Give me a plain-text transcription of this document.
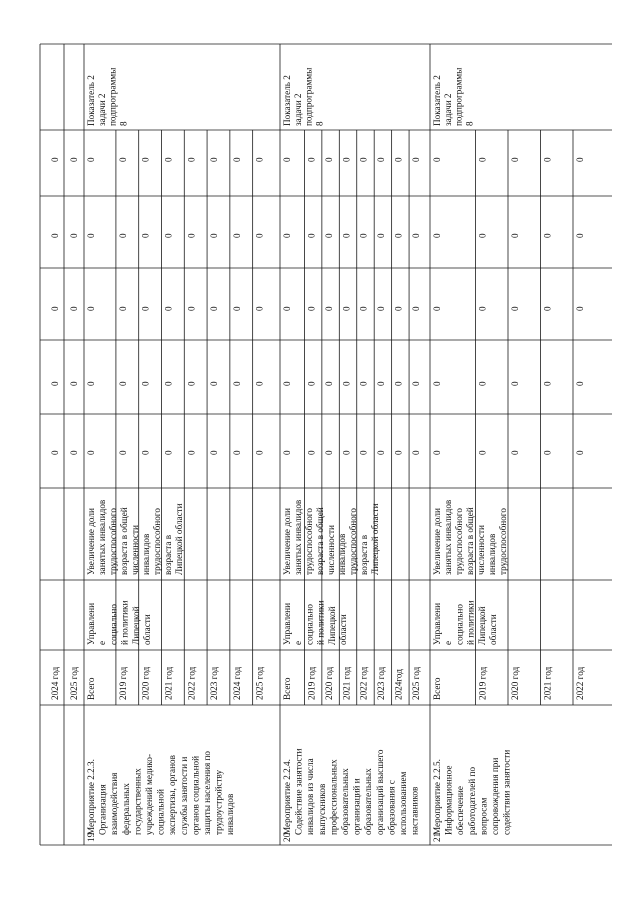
2024 год 2025 год
0 0
0 0
0 0
0 0
0 0
19
Мероприятие 2.2.3. Организация взаимодействия федеральных государственных учреждений медико- социальной экспертизы, органов службы занятости и органов социальной защиты населения по трудоустройству инвалидов
Всего 2019 год 2020 год 2021 год 2022 год 2023 год 2024 год 2025 год
Управлени е социально й политики Липецкой области
Увеличение доли занятых инвалидов трудоспособного возраста в общей численности инвалидов трудоспособного возраста в Липецкой области
0
0
0
0
0
0
0
0
0
0
0
0
0
0
0
0
0
0
0
0
0
0
0
0
0
0
0
0
0
0
0
0
0
0
0
0
0
0
0
0
Показатель 2 задачи 2 подпрограммы 8
20
Мероприятие 2.2.4. Содействие занятости инвалидов из числа выпускников профессиональных образовательных организаций и образовательных организаций высшего образования с использованием наставников
Всего 2019 год 2020 год 2021 год 2022 год 2023 год 2024год 2025 год
Управлени е социально й политики Липецкой области
Увеличение доли занятых инвалидов трудоспособного возраста в общей численности инвалидов трудоспособного возраста в Липецкой области
0
0
0
0
0
0
0
0
0
0
0
0
0
0
0
0
0
0
0
0
0
0
0
0
0
0
0
0
0
0
0
0
0
0
0
0
0
0
0
0
Показатель 2 задачи 2 подпрограммы 8
21
Мероприятие 2.2.5. Информационное обеспечение работодателей по вопросам сопровождения при содействии занятости
Всего	2019 год 2020 год 2021 год 2022 год
Управлени е социально й политики Липецкой области
Увеличение доли занятых инвалидов трудоспособного возраста в общей численности инвалидов трудоспособного
0
0
0
0
0
0
0
0
0
0
0
0
0
0
0
0
0
0
0
0
0
0
0
0
0
Показатель 2 задачи 2 подпрограммы 8
